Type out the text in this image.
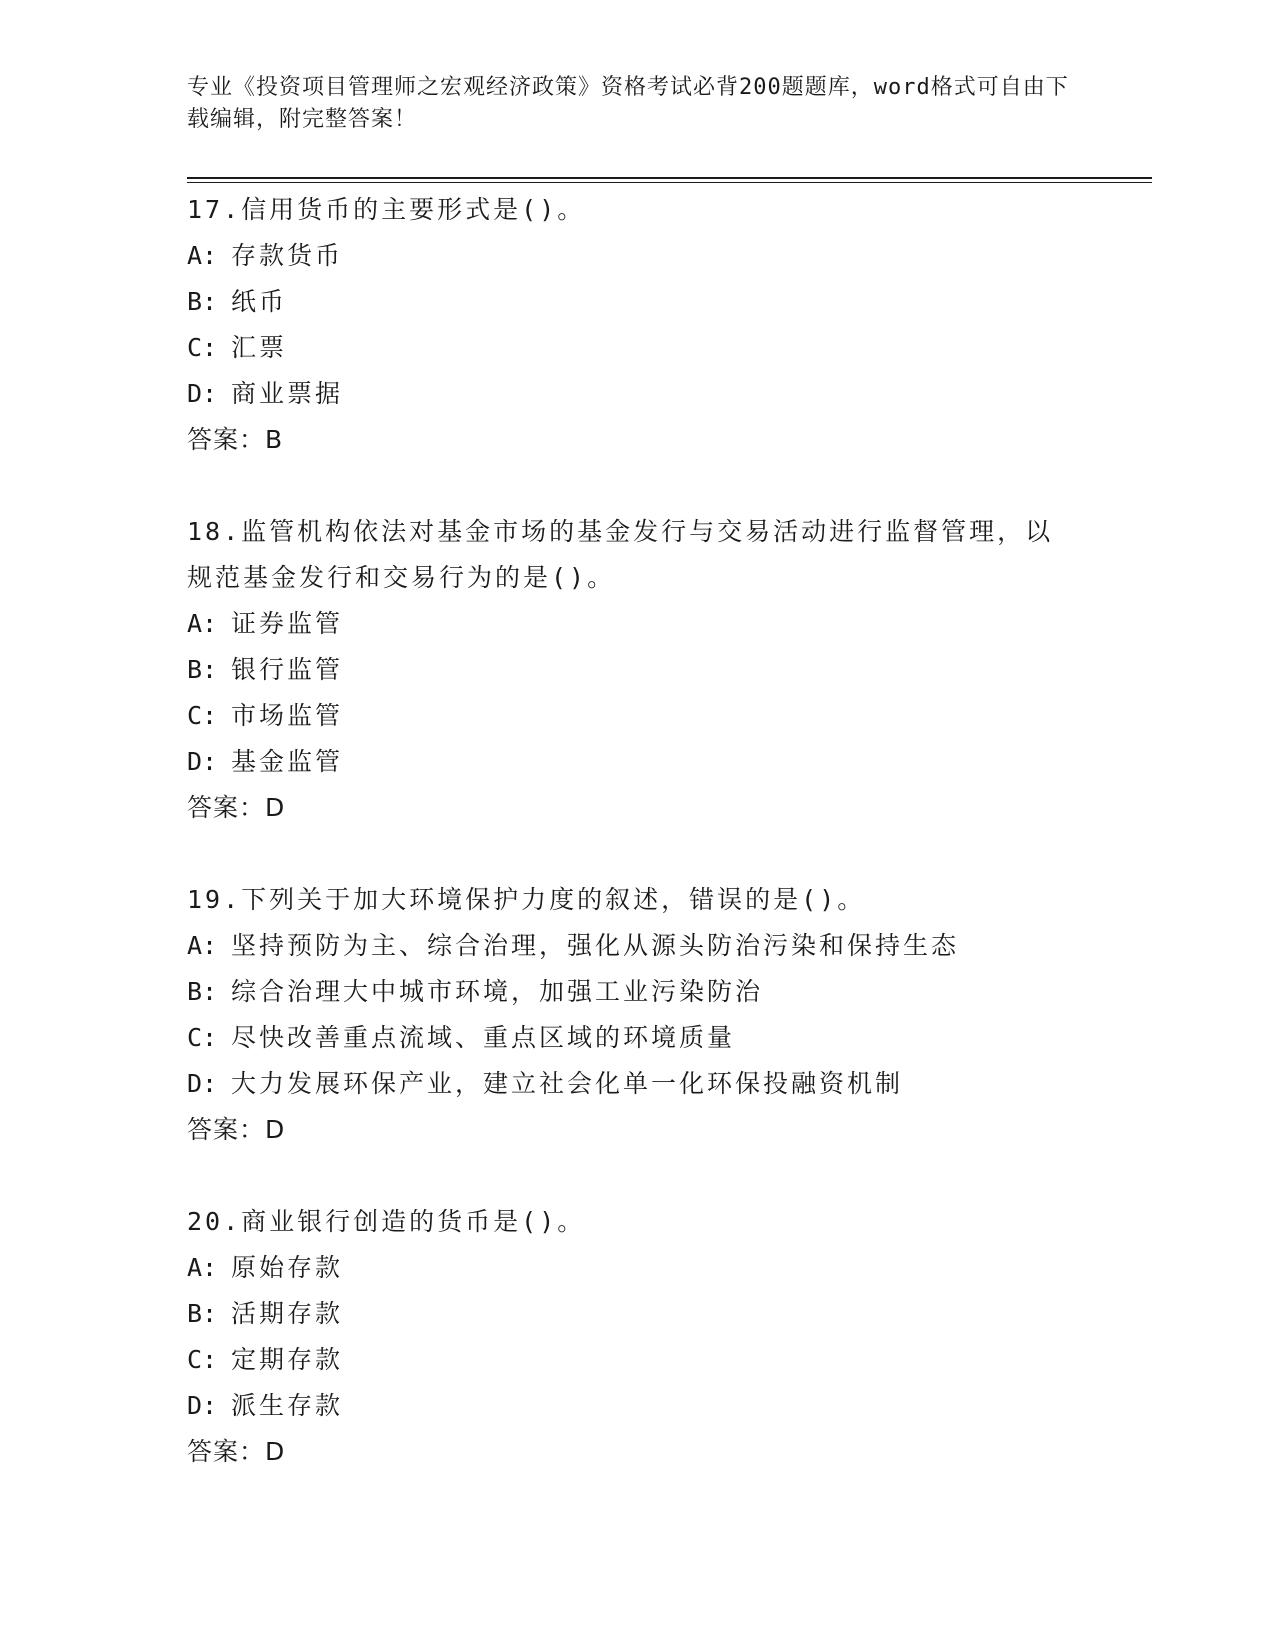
专业《投资项目管理师之宏观经济政策》资格考试必背200题题库，word格式可自由下载编辑，附完整答案！
17.信用货币的主要形式是()。
A: 存款货币
B: 纸币
C: 汇票
D: 商业票据
答案：B
18.监管机构依法对基金市场的基金发行与交易活动进行监督管理，以规范基金发行和交易行为的是()。
A: 证券监管
B: 银行监管
C: 市场监管
D: 基金监管
答案：D
19.下列关于加大环境保护力度的叙述，错误的是()。
A: 坚持预防为主、综合治理，强化从源头防治污染和保持生态
B: 综合治理大中城市环境，加强工业污染防治
C: 尽快改善重点流域、重点区域的环境质量
D: 大力发展环保产业，建立社会化单一化环保投融资机制
答案：D
20.商业银行创造的货币是()。
A: 原始存款
B: 活期存款
C: 定期存款
D: 派生存款
答案：D
